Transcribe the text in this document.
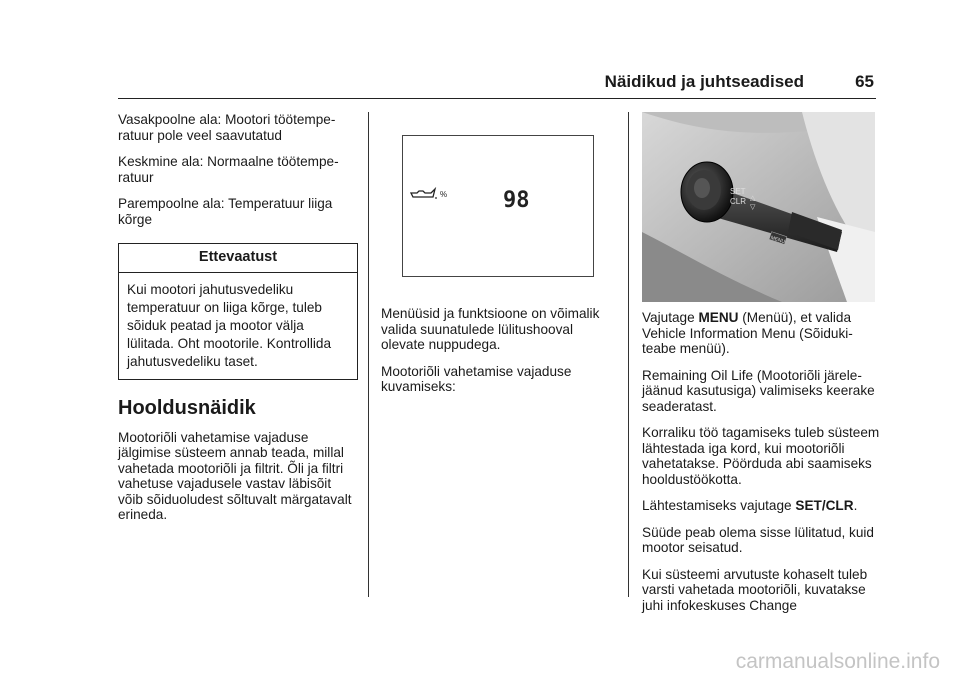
Näidikud ja juhtseadised	65

Vasakpoolne ala: Mootori töötempe-ratuur pole veel saavutatud

Keskmine ala: Normaalne töötempe-ratuur

Parempoolne ala: Temperatuur liiga kõrge

Ettevaatust
Kui mootori jahutusvedeliku temperatuur on liiga kõrge, tuleb sõiduk peatad ja mootor välja lülitada. Oht mootorile. Kontrollida jahutusvedeliku taset.
Hooldusnäidik

Mootoriõli vahetamise vajaduse jälgimise süsteem annab teada, millal vahetada mootoriõli ja filtrit. Õli ja filtri vahetuse vajadusele vastav läbisõit võib sõiduoludest sõltuvalt märgatavalt erineda.

%	98

Menüüsid ja funktsioone on võimalik valida suunatulede lülitushooval olevate nuppudega.

Mootoriõli vahetamise vajaduse kuvamiseks:

SET
CLR △
▽
MENU

Vajutage MENU (Menüü), et valida Vehicle Information Menu (Sõiduki-teabe menüü).

Remaining Oil Life (Mootoriõli järele-jäänud kasutusiga) valimiseks keerake seaderatast.

Korraliku töö tagamiseks tuleb süsteem lähtestada iga kord, kui mootoriõli vahetatakse. Pöörduda abi saamiseks hooldustöökotta.

Lähtestamiseks vajutage SET/CLR.

Süüde peab olema sisse lülitatud, kuid mootor seisatud.

Kui süsteemi arvutuste kohaselt tuleb varsti vahetada mootoriõli, kuvatakse juhi infokeskuses Change

carmanualsonline.info
